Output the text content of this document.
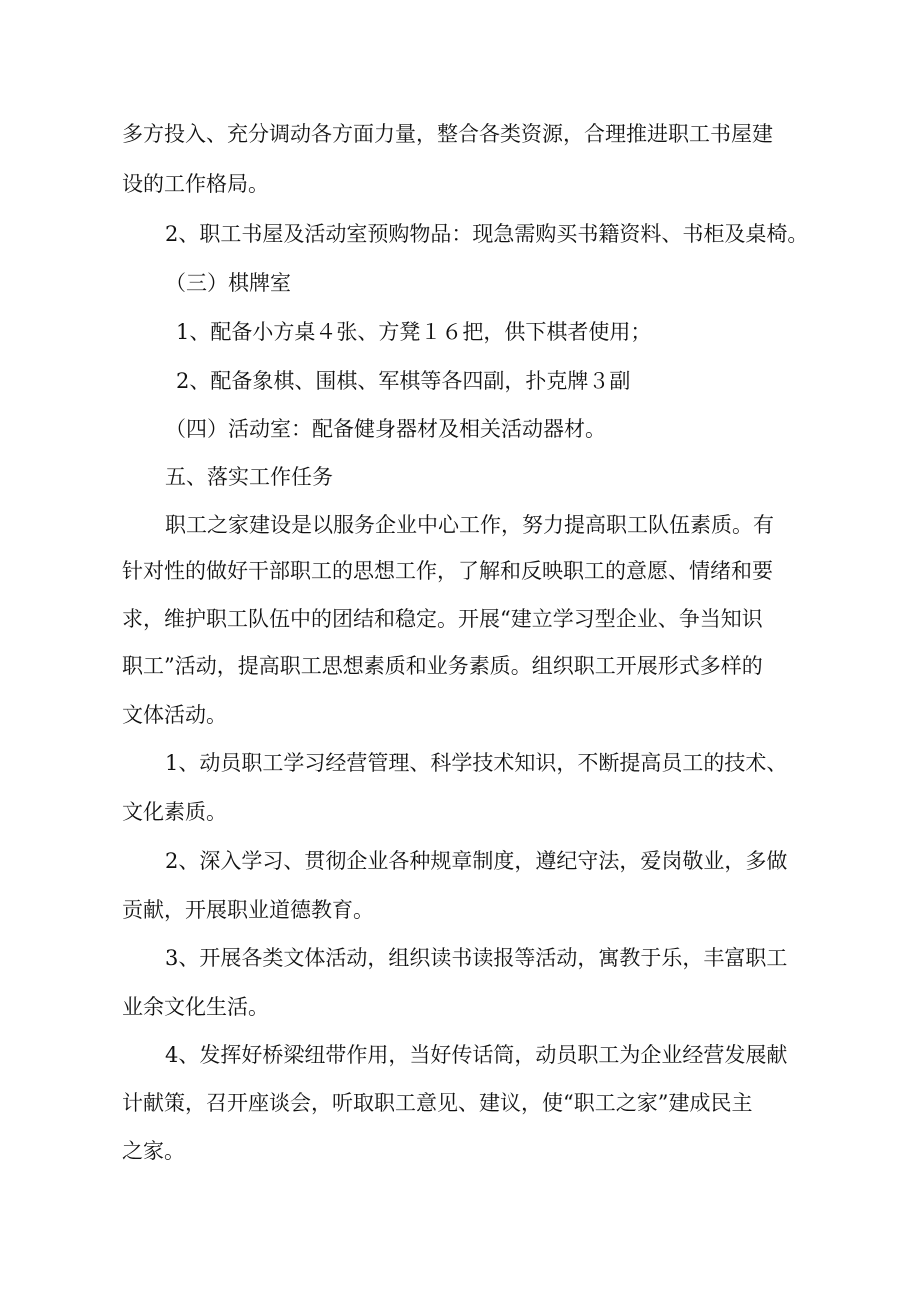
多方投入、充分调动各方面力量，整合各类资源，合理推进职工书屋建
设的工作格局。
2、职工书屋及活动室预购物品：现急需购买书籍资料、书柜及桌椅。
（三）棋牌室
1、配备小方桌４张、方凳１６把，供下棋者使用；
2、配备象棋、围棋、军棋等各四副，扑克牌３副
（四）活动室：配备健身器材及相关活动器材。
五、落实工作任务
职工之家建设是以服务企业中心工作，努力提高职工队伍素质。有
针对性的做好干部职工的思想工作，了解和反映职工的意愿、情绪和要
求，维护职工队伍中的团结和稳定。开展“建立学习型企业、争当知识
职工”活动，提高职工思想素质和业务素质。组织职工开展形式多样的
文体活动。
1、动员职工学习经营管理、科学技术知识，不断提高员工的技术、
文化素质。
2、深入学习、贯彻企业各种规章制度，遵纪守法，爱岗敬业，多做
贡献，开展职业道德教育。
3、开展各类文体活动，组织读书读报等活动，寓教于乐，丰富职工
业余文化生活。
4、发挥好桥梁纽带作用，当好传话筒，动员职工为企业经营发展献
计献策，召开座谈会，听取职工意见、建议，使“职工之家”建成民主
之家。
